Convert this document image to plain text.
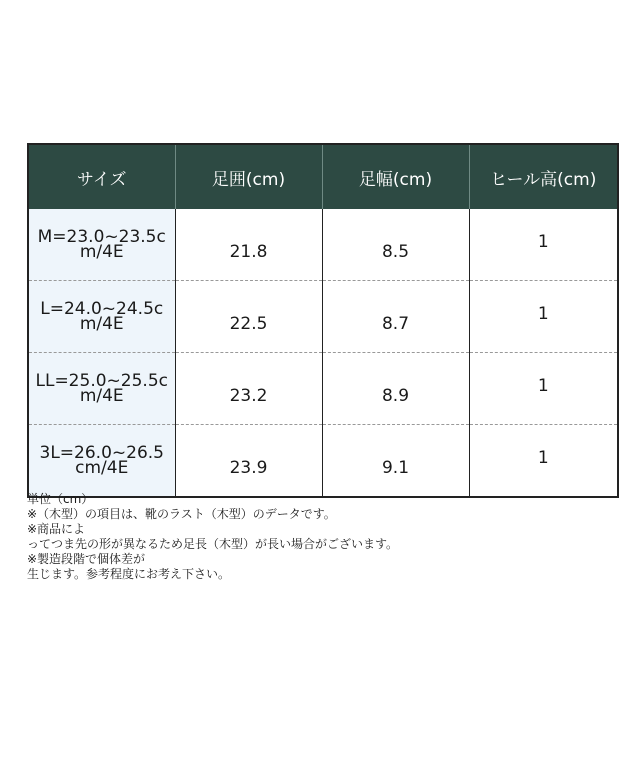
サイズ	足囲(cm)	足幅(cm)	ヒール高(cm)
M=23.0~23.5cm/4E	21.8	8.5	1
L=24.0~24.5cm/4E	22.5	8.7	1
LL=25.0~25.5cm/4E	23.2	8.9	1
3L=26.0~26.5cm/4E	23.9	9.1	1
単位（cm）
※（木型）の項目は、靴のラスト（木型）のデータです。
※商品によ
ってつま先の形が異なるため足長（木型）が長い場合がございます。
※製造段階で個体差が
生じます。参考程度にお考え下さい。
